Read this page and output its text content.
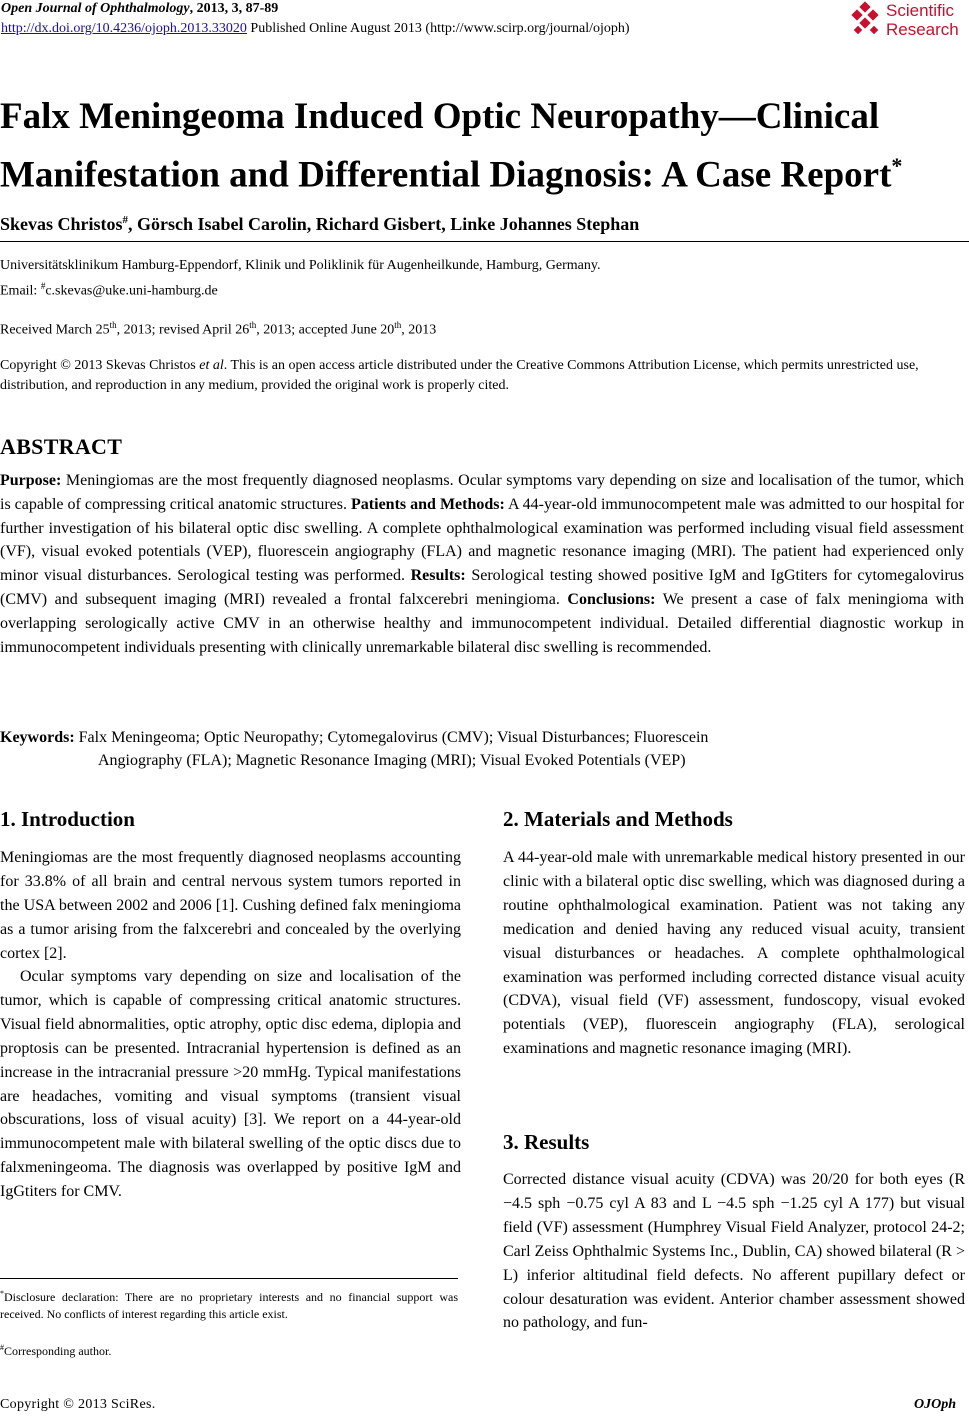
Open Journal of Ophthalmology, 2013, 3, 87-89
http://dx.doi.org/10.4236/ojoph.2013.33020 Published Online August 2013 (http://www.scirp.org/journal/ojoph)
Scientific
Research
Falx Meningeoma Induced Optic Neuropathy—Clinical
Manifestation and Differential Diagnosis: A Case Report*
Skevas Christos#, Görsch Isabel Carolin, Richard Gisbert, Linke Johannes Stephan
Universitätsklinikum Hamburg-Eppendorf, Klinik und Poliklinik für Augenheilkunde, Hamburg, Germany.
Email: #c.skevas@uke.uni-hamburg.de
Received March 25th, 2013; revised April 26th, 2013; accepted June 20th, 2013
Copyright © 2013 Skevas Christos et al. This is an open access article distributed under the Creative Commons Attribution License, which permits unrestricted use, distribution, and reproduction in any medium, provided the original work is properly cited.
ABSTRACT
Purpose: Meningiomas are the most frequently diagnosed neoplasms. Ocular symptoms vary depending on size and localisation of the tumor, which is capable of compressing critical anatomic structures. Patients and Methods: A 44-year-old immunocompetent male was admitted to our hospital for further investigation of his bilateral optic disc swelling. A complete ophthalmological examination was performed including visual field assessment (VF), visual evoked potentials (VEP), fluorescein angiography (FLA) and magnetic resonance imaging (MRI). The patient had experienced only minor visual disturbances. Serological testing was performed. Results: Serological testing showed positive IgM and IgGtiters for cytomegalovirus (CMV) and subsequent imaging (MRI) revealed a frontal falxcerebri meningioma. Conclusions: We present a case of falx meningioma with overlapping serologically active CMV in an otherwise healthy and immunocompetent individual. Detailed differential diagnostic workup in immunocompetent individuals presenting with clinically unremarkable bilateral disc swelling is recommended.
Keywords: Falx Meningeoma; Optic Neuropathy; Cytomegalovirus (CMV); Visual Disturbances; Fluorescein
Angiography (FLA); Magnetic Resonance Imaging (MRI); Visual Evoked Potentials (VEP)
1. Introduction	2. Materials and Methods
3. Results
Meningiomas are the most frequently diagnosed neoplasms accounting for 33.8% of all brain and central nervous system tumors reported in the USA between 2002 and 2006 [1]. Cushing defined falx meningioma as a tumor arising from the falxcerebri and concealed by the overlying cortex [2].
Ocular symptoms vary depending on size and localisation of the tumor, which is capable of compressing critical anatomic structures. Visual field abnormalities, optic atrophy, optic disc edema, diplopia and proptosis can be presented. Intracranial hypertension is defined as an increase in the intracranial pressure >20 mmHg. Typical manifestations are headaches, vomiting and visual symptoms (transient visual obscurations, loss of visual acuity) [3]. We report on a 44-year-old immunocompetent male with bilateral swelling of the optic discs due to falxmeningeoma. The diagnosis was overlapped by positive IgM and IgGtiters for CMV.
A 44-year-old male with unremarkable medical history presented in our clinic with a bilateral optic disc swelling, which was diagnosed during a routine ophthalmological examination. Patient was not taking any medication and denied having any reduced visual acuity, transient visual disturbances or headaches. A complete ophthalmological examination was performed including corrected distance visual acuity (CDVA), visual field (VF) assessment, fundoscopy, visual evoked potentials (VEP), fluorescein angiography (FLA), serological examinations and magnetic resonance imaging (MRI).
Corrected distance visual acuity (CDVA) was 20/20 for both eyes (R −4.5 sph −0.75 cyl A 83 and L −4.5 sph −1.25 cyl A 177) but visual field (VF) assessment (Humphrey Visual Field Analyzer, protocol 24-2; Carl Zeiss Ophthalmic Systems Inc., Dublin, CA) showed bilateral (R > L) inferior altitudinal field defects. No afferent pupillary defect or colour desaturation was evident. Anterior chamber assessment showed no pathology, and fun-
*Disclosure declaration: There are no proprietary interests and no financial support was received. No conflicts of interest regarding this article exist.
#Corresponding author.
Copyright © 2013 SciRes.	OJOph
